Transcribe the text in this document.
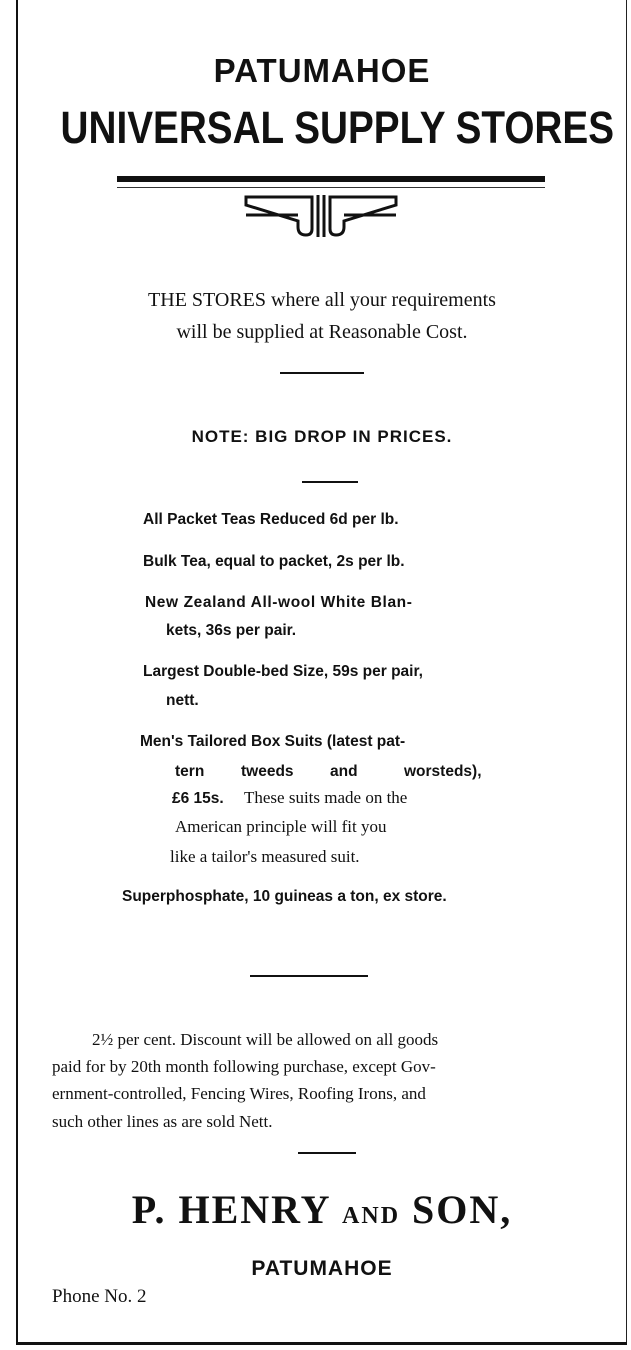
PATUMAHOE
UNIVERSAL SUPPLY STORES
THE STORES where all your requirements
will be supplied at Reasonable Cost.
NOTE: BIG DROP IN PRICES.
All Packet Teas Reduced 6d per lb.
Bulk Tea, equal to packet, 2s per lb.
New Zealand All-wool White Blan-
kets, 36s per pair.
Largest Double-bed Size, 59s per pair,
nett.
Men's Tailored Box Suits (latest pat-
tern tweeds and	worsteds),
£6 15s. These suits made on the
American principle will fit you
like a tailor's measured suit.
Superphosphate, 10 guineas a ton, ex store.
2½ per cent. Discount will be allowed on all goods
paid for by 20th month following purchase, except Gov-
ernment-controlled, Fencing Wires, Roofing Irons, and
such other lines as are sold Nett.
P. HENRY AND SON,
PATUMAHOE
Phone No. 2
